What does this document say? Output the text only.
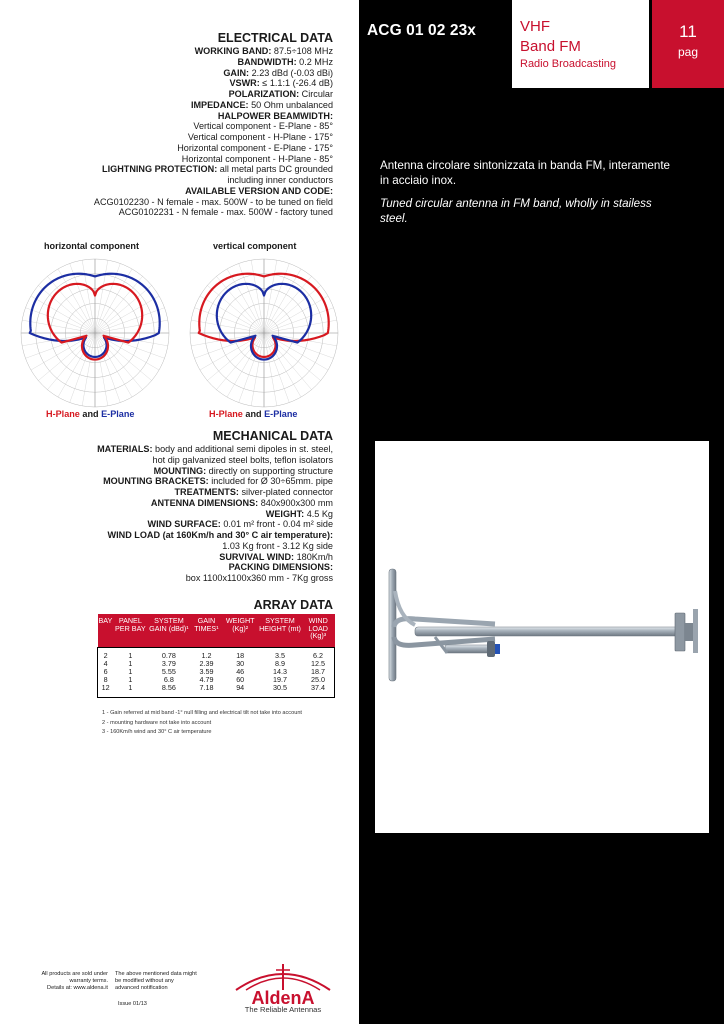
ACG 01 02 23x	VHF
Band FM
Radio Broadcasting
11
pag
Antenna circolare sintonizzata in banda FM, interamente in acciaio inox.
Tuned circular antenna in FM band, wholly in stailess steel.
ELECTRICAL DATA
WORKING BAND: 87.5÷108 MHz
BANDWIDTH: 0.2 MHz
GAIN: 2.23 dBd (-0.03 dBi)
VSWR: ≤ 1.1:1 (-26.4 dB)
POLARIZATION: Circular
IMPEDANCE: 50 Ohm unbalanced
HALPOWER BEAMWIDTH:
Vertical component - E-Plane - 85°
Vertical component - H-Plane - 175°
Horizontal component - E-Plane - 175°
Horizontal component - H-Plane - 85°
LIGHTNING PROTECTION: all metal parts DC grounded
including inner conductors
AVAILABLE VERSION AND CODE:
ACG0102230 - N female - max. 500W - to be tuned on field
ACG0102231 - N female - max. 500W - factory tuned
horizontal component	vertical component
H-Plane and E-Plane	H-Plane and E-Plane
MECHANICAL DATA
MATERIALS: body and additional semi dipoles in st. steel,
hot dip galvanized steel bolts, teflon isolators
MOUNTING: directly on supporting structure
MOUNTING BRACKETS: included for Ø 30÷65mm. pipe
TREATMENTS: silver-plated connector
ANTENNA DIMENSIONS: 840x900x300 mm
WEIGHT: 4.5 Kg
WIND SURFACE: 0.01 m² front - 0.04 m² side
WIND LOAD (at 160Km/h and 30° C air temperature):
1.03 Kg front - 3.12 Kg side
SURVIVAL WIND: 180Km/h
PACKING DIMENSIONS:
box 1100x1100x360 mm - 7Kg gross
ARRAY DATA
BAY	PANEL PER BAY	SYSTEM GAIN (dBd)¹	GAIN TIMES¹	WEIGHT (Kg)²	SYSTEM HEIGHT (mt)	WIND LOAD (Kg)³
2	1	0.78	1.2	18	3.5	6.2
4	1	3.79	2.39	30	8.9	12.5
6	1	5.55	3.59	46	14.3	18.7
8	1	6.8	4.79	60	19.7	25.0
12	1	8.56	7.18	94	30.5	37.4
1 - Gain referred at mid band -1° null filling and electrical tilt not take into account
2 - mounting hardware not take into account
3 - 160Km/h wind and 30° C air temperature
All products are sold under
warranty terms.
Details at: www.aldena.it
The above mentioned data might
be modified without any
advanced notification
Issue 01/13	AldenA
The Reliable Antennas
